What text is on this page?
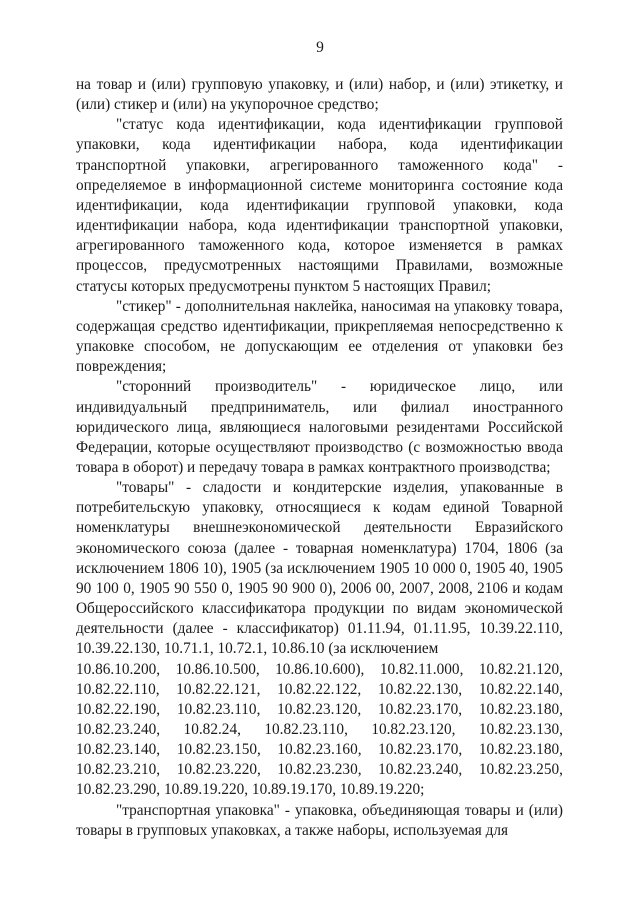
9

на товар и (или) групповую упаковку, и (или) набор, и (или) этикетку, и (или) стикер и (или) на укупорочное средство;

"статус кода идентификации, кода идентификации групповой упаковки, кода идентификации набора, кода идентификации транспортной упаковки, агрегированного таможенного кода" - определяемое в информационной системе мониторинга состояние кода идентификации, кода идентификации групповой упаковки, кода идентификации набора, кода идентификации транспортной упаковки, агрегированного таможенного кода, которое изменяется в рамках процессов, предусмотренных настоящими Правилами, возможные статусы которых предусмотрены пунктом 5 настоящих Правил;

"стикер" - дополнительная наклейка, наносимая на упаковку товара, содержащая средство идентификации, прикрепляемая непосредственно к упаковке способом, не допускающим ее отделения от упаковки без повреждения;

"сторонний производитель" - юридическое лицо, или индивидуальный предприниматель, или филиал иностранного юридического лица, являющиеся налоговыми резидентами Российской Федерации, которые осуществляют производство (с возможностью ввода товара в оборот) и передачу товара в рамках контрактного производства;

"товары" - сладости и кондитерские изделия, упакованные в потребительскую упаковку, относящиеся к кодам единой Товарной номенклатуры внешнеэкономической деятельности Евразийского экономического союза (далее - товарная номенклатура) 1704, 1806 (за исключением 1806 10), 1905 (за исключением 1905 10 000 0, 1905 40, 1905 90 100 0, 1905 90 550 0, 1905 90 900 0), 2006 00, 2007, 2008, 2106 и кодам Общероссийского классификатора продукции по видам экономической деятельности (далее - классификатор) 01.11.94, 01.11.95, 10.39.22.110, 10.39.22.130, 10.71.1, 10.72.1, 10.86.10 (за исключением

10.86.10.200, 10.86.10.500, 10.86.10.600), 10.82.11.000, 10.82.21.120,
10.82.22.110, 10.82.22.121, 10.82.22.122, 10.82.22.130, 10.82.22.140,
10.82.22.190, 10.82.23.110, 10.82.23.120, 10.82.23.170, 10.82.23.180,
10.82.23.240, 10.82.24, 10.82.23.110, 10.82.23.120, 10.82.23.130,
10.82.23.140, 10.82.23.150, 10.82.23.160, 10.82.23.170, 10.82.23.180,
10.82.23.210, 10.82.23.220, 10.82.23.230, 10.82.23.240, 10.82.23.250,

10.82.23.290, 10.89.19.220, 10.89.19.170, 10.89.19.220;

"транспортная упаковка" - упаковка, объединяющая товары и (или) товары в групповых упаковках, а также наборы, используемая для
